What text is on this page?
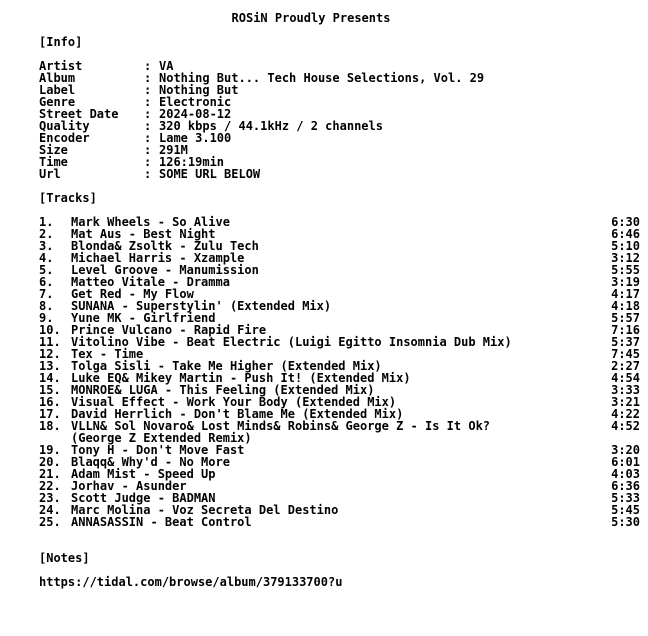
ROSiN Proudly Presents
[Info]
Artist	: VA
Album	: Nothing But... Tech House Selections, Vol. 29
Label	: Nothing But
Genre	: Electronic
Street Date : 2024-08-12
Quality	: 320 kbps / 44.1kHz / 2 channels
Encoder	: Lame 3.100
Size	: 291M
Time	: 126:19min
Url	: SOME URL BELOW
[Tracks]
1. Mark Wheels - So Alive	6:30
2. Mat Aus - Best Night	6:46
3. Blonda& Zsoltk - Zulu Tech	5:10
4. Michael Harris - Xzample	3:12
5. Level Groove - Manumission	5:55
6. Matteo Vitale - Dramma	3:19
7. Get Red - My Flow	4:17
8. SUNANA - Superstylin' (Extended Mix)	4:18
9. Yune MK - Girlfriend	5:57
10. Prince Vulcano - Rapid Fire	7:16
11. Vitolino Vibe - Beat Electric (Luigi Egitto Insomnia Dub Mix)	5:37
12. Tex - Time	7:45
13. Tolga Sisli - Take Me Higher (Extended Mix)	2:27
14. Luke EQ& Mikey Martin - Push It! (Extended Mix)	4:54
15. MONROE& LUGA - This Feeling (Extended Mix)	3:33
16. Visual Effect - Work Your Body (Extended Mix)	3:21
17. David Herrlich - Don't Blame Me (Extended Mix)	4:22
18. VLLN& Sol Novaro& Lost Minds& Robins& George Z - Is It Ok?	4:52
(George Z Extended Remix)
19. Tony H - Don't Move Fast	3:20
20. Blaqq& Why'd - No More	6:01
21. Adam Mist - Speed Up	4:03
22. Jorhav - Asunder	6:36
23. Scott Judge - BADMAN	5:33
24. Marc Molina - Voz Secreta Del Destino	5:45
25. ANNASASSIN - Beat Control	5:30
[Notes]
https://tidal.com/browse/album/379133700?u
